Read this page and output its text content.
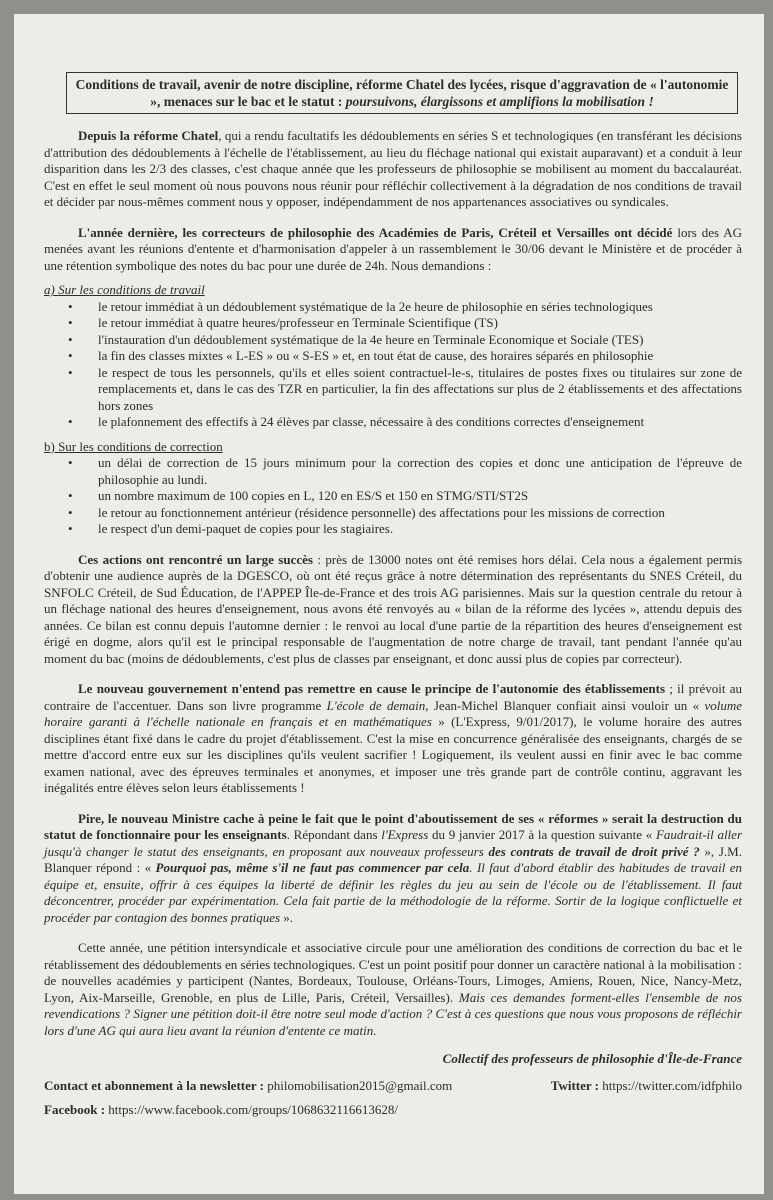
Conditions de travail, avenir de notre discipline, réforme Chatel des lycées, risque d'aggravation de « l'autonomie », menaces sur le bac et le statut : poursuivons, élargissons et amplifions la mobilisation !

Depuis la réforme Chatel, qui a rendu facultatifs les dédoublements en séries S et technologiques (en transférant les décisions d'attribution des dédoublements à l'échelle de l'établissement, au lieu du fléchage national qui existait auparavant) et a conduit à leur disparition dans les 2/3 des classes, c'est chaque année que les professeurs de philosophie se mobilisent au moment du baccalauréat. C'est en effet le seul moment où nous pouvons nous réunir pour réfléchir collectivement à la dégradation de nos conditions de travail et décider par nous-mêmes comment nous y opposer, indépendamment de nos appartenances associatives ou syndicales.

L'année dernière, les correcteurs de philosophie des Académies de Paris, Créteil et Versailles ont décidé lors des AG menées avant les réunions d'entente et d'harmonisation d'appeler à un rassemblement le 30/06 devant le Ministère et de procéder à une rétention symbolique des notes du bac pour une durée de 24h. Nous demandions :

a) Sur les conditions de travail
• le retour immédiat à un dédoublement systématique de la 2e heure de philosophie en séries technologiques
• le retour immédiat à quatre heures/professeur en Terminale Scientifique (TS)
• l'instauration d'un dédoublement systématique de la 4e heure en Terminale Economique et Sociale (TES)
• la fin des classes mixtes « L-ES » ou « S-ES » et, en tout état de cause, des horaires séparés en philosophie
• le respect de tous les personnels, qu'ils et elles soient contractuel-le-s, titulaires de postes fixes ou titulaires sur zone de remplacements et, dans le cas des TZR en particulier, la fin des affectations sur plus de 2 établissements et des affectations hors zones
• le plafonnement des effectifs à 24 élèves par classe, nécessaire à des conditions correctes d'enseignement
b) Sur les conditions de correction
• un délai de correction de 15 jours minimum pour la correction des copies et donc une anticipation de l'épreuve de philosophie au lundi.
• un nombre maximum de 100 copies en L, 120 en ES/S et 150 en STMG/STI/ST2S
• le retour au fonctionnement antérieur (résidence personnelle) des affectations pour les missions de correction
• le respect d'un demi-paquet de copies pour les stagiaires.

Ces actions ont rencontré un large succès : près de 13000 notes ont été remises hors délai. Cela nous a également permis d'obtenir une audience auprès de la DGESCO, où ont été reçus grâce à notre détermination des représentants du SNES Créteil, du SNFOLC Créteil, de Sud Éducation, de l'APPEP Île-de-France et des trois AG parisiennes. Mais sur la question centrale du retour à un fléchage national des heures d'enseignement, nous avons été renvoyés au « bilan de la réforme des lycées », attendu depuis des années. Ce bilan est connu depuis l'automne dernier : le renvoi au local d'une partie de la répartition des heures d'enseignement est érigé en dogme, alors qu'il est le principal responsable de l'augmentation de notre charge de travail, tant pendant l'année qu'au moment du bac (moins de dédoublements, c'est plus de classes par enseignant, et donc aussi plus de copies par correcteur).

Le nouveau gouvernement n'entend pas remettre en cause le principe de l'autonomie des établissements ; il prévoit au contraire de l'accentuer. Dans son livre programme L'école de demain, Jean-Michel Blanquer confiait ainsi vouloir un « volume horaire garanti à l'échelle nationale en français et en mathématiques » (L'Express, 9/01/2017), le volume horaire des autres disciplines étant fixé dans le cadre du projet d'établissement. C'est la mise en concurrence généralisée des enseignants, chargés de se mettre d'accord entre eux sur les disciplines qu'ils veulent sacrifier ! Logiquement, ils veulent aussi en finir avec le bac comme examen national, avec des épreuves terminales et anonymes, et imposer une très grande part de contrôle continu, aggravant les inégalités entre élèves selon leurs établissements !

Pire, le nouveau Ministre cache à peine le fait que le point d'aboutissement de ses « réformes » serait la destruction du statut de fonctionnaire pour les enseignants. Répondant dans l'Express du 9 janvier 2017 à la question suivante « Faudrait-il aller jusqu'à changer le statut des enseignants, en proposant aux nouveaux professeurs des contrats de travail de droit privé ? », J.M. Blanquer répond : « Pourquoi pas, même s'il ne faut pas commencer par cela. Il faut d'abord établir des habitudes de travail en équipe et, ensuite, offrir à ces équipes la liberté de définir les règles du jeu au sein de l'école ou de l'établissement. Il faut déconcentrer, procéder par expérimentation. Cela fait partie de la méthodologie de la réforme. Sortir de la logique conflictuelle et procéder par contagion des bonnes pratiques ».

Cette année, une pétition intersyndicale et associative circule pour une amélioration des conditions de correction du bac et le rétablissement des dédoublements en séries technologiques. C'est un point positif pour donner un caractère national à la mobilisation : de nouvelles académies y participent (Nantes, Bordeaux, Toulouse, Orléans-Tours, Limoges, Amiens, Rouen, Nice, Nancy-Metz, Lyon, Aix-Marseille, Grenoble, en plus de Lille, Paris, Créteil, Versailles). Mais ces demandes forment-elles l'ensemble de nos revendications ? Signer une pétition doit-il être notre seul mode d'action ? C'est à ces questions que nous vous proposons de réfléchir lors d'une AG qui aura lieu avant la réunion d'entente ce matin.

Collectif des professeurs de philosophie d'Île-de-France
Contact et abonnement à la newsletter : philomobilisation2015@gmail.com	Twitter : https://twitter.com/idfphilo
Facebook : https://www.facebook.com/groups/1068632116613628/
